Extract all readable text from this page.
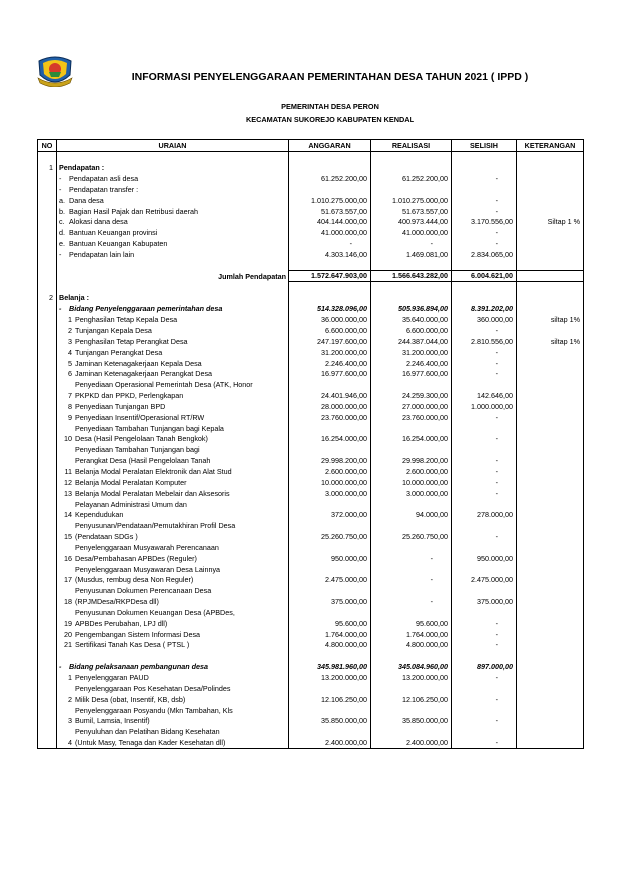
INFORMASI PENYELENGGARAAN PEMERINTAHAN DESA TAHUN 2021 ( IPPD )
PEMERINTAH DESA PERON
KECAMATAN SUKOREJO KABUPATEN KENDAL
NO	URAIAN	ANGGARAN	REALISASI	SELISIH	KETERANGAN

1	Pendapatan :				
	- Pendapatan asli desa	61.252.200,00	61.252.200,00	-	
	- Pendapatan transfer :				
	a. Dana desa	1.010.275.000,00	1.010.275.000,00	-	
	b. Bagian Hasil Pajak dan Retribusi daerah	51.673.557,00	51.673.557,00	-	
	c. Alokasi dana desa	404.144.000,00	400.973.444,00	3.170.556,00	Siltap 1 %
	d. Bantuan Keuangan provinsi	41.000.000,00	41.000.000,00	-	
	e. Bantuan Keuangan Kabupaten	-	-	-	
	- Pendapatan lain lain	4.303.146,00	1.469.081,00	2.834.065,00	

	Jumlah Pendapatan	1.572.647.903,00	1.566.643.282,00	6.004.621,00	

2	Belanja :				
	- Bidang Penyelenggaraan pemerintahan desa	514.328.096,00	505.936.894,00	8.391.202,00	
	1 Penghasilan Tetap Kepala Desa	36.000.000,00	35.640.000,00	360.000,00	siltap 1%
	2 Tunjangan Kepala Desa	6.600.000,00	6.600.000,00	-	
	3 Penghasilan Tetap Perangkat Desa	247.197.600,00	244.387.044,00	2.810.556,00	siltap 1%
	4 Tunjangan Perangkat Desa	31.200.000,00	31.200.000,00	-	
	5 Jaminan Ketenagakerjaan Kepala Desa	2.246.400,00	2.246.400,00	-	
	6 Jaminan Ketenagakerjaan Perangkat Desa	16.977.600,00	16.977.600,00	-	
	Penyediaan Operasional Pemerintah Desa (ATK, Honor				
	7 PKPKD dan PPKD, Perlengkapan	24.401.946,00	24.259.300,00	142.646,00	
	8 Penyediaan Tunjangan BPD	28.000.000,00	27.000.000,00	1.000.000,00	
	9 Penyediaan Insentif/Operasional RT/RW	23.760.000,00	23.760.000,00	-	
	Penyediaan Tambahan Tunjangan bagi Kepala				
	10 Desa (Hasil Pengelolaan Tanah Bengkok)	16.254.000,00	16.254.000,00	-	
	Penyediaan Tambahan Tunjangan bagi				
	Perangkat Desa (Hasil Pengelolaan Tanah	29.998.200,00	29.998.200,00	-	
	11 Belanja Modal Peralatan Elektronik dan Alat Stud	2.600.000,00	2.600.000,00	-	
	12 Belanja Modal Peralatan Komputer	10.000.000,00	10.000.000,00	-	
	13 Belanja Modal Peralatan Mebelair dan Aksesoris	3.000.000,00	3.000.000,00	-	
	Pelayanan Administrasi Umum dan				
	14 Kependudukan	372.000,00	94.000,00	278.000,00	
	Penyusunan/Pendataan/Pemutakhiran Profil Desa				
	15 (Pendataan SDGs )	25.260.750,00	25.260.750,00	-	
	Penyelenggaraan Musyawarah Perencanaan				
	16 Desa/Pembahasan APBDes (Reguler)	950.000,00	-	950.000,00	
	Penyelenggaraan Musyawaran Desa Lainnya				
	17 (Musdus, rembug desa Non Reguler)	2.475.000,00	-	2.475.000,00	
	Penyusunan Dokumen Perencanaan Desa				
	18 (RPJMDesa/RKPDesa dll)	375.000,00	-	375.000,00	
	Penyusunan Dokumen Keuangan Desa (APBDes,				
	19 APBDes Perubahan, LPJ dll)	95.600,00	95.600,00	-	
	20 Pengembangan Sistem Informasi Desa	1.764.000,00	1.764.000,00	-	
	21 Sertifikasi Tanah Kas Desa ( PTSL )	4.800.000,00	4.800.000,00	-	

	- Bidang pelaksanaan pembangunan desa	345.981.960,00	345.084.960,00	897.000,00	
	1 Penyelenggaran PAUD	13.200.000,00	13.200.000,00	-	
	Penyelenggaraan Pos Kesehatan Desa/Polindes				
	2 Milik Desa (obat, Insentif, KB, dsb)	12.106.250,00	12.106.250,00	-	
	Penyelenggaraan Posyandu (Mkn Tambahan, Kls				
	3 Bumil, Lamsia, Insentif)	35.850.000,00	35.850.000,00	-	
	Penyuluhan dan Pelatihan Bidang Kesehatan				
	4 (Untuk Masy, Tenaga dan Kader Kesehatan dll)	2.400.000,00	2.400.000,00	-	
